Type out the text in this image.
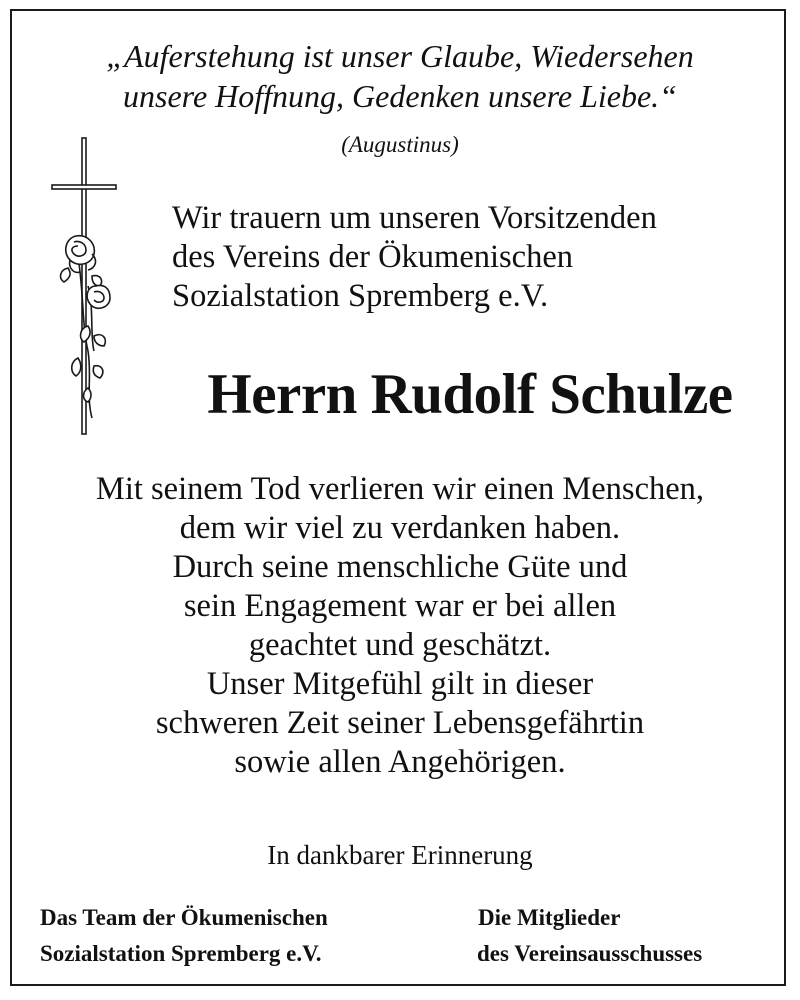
„Auferstehung ist unser Glaube, Wiedersehen
unsere Hoffnung, Gedenken unsere Liebe.“
(Augustinus)
Wir trauern um unseren Vorsitzenden
des Vereins der Ökumenischen
Sozialstation Spremberg e.V.
Herrn Rudolf Schulze
Mit seinem Tod verlieren wir einen Menschen,
dem wir viel zu verdanken haben.
Durch seine menschliche Güte und
sein Engagement war er bei allen
geachtet und geschätzt.
Unser Mitgefühl gilt in dieser
schweren Zeit seiner Lebensgefährtin
sowie allen Angehörigen.
In dankbarer Erinnerung
Das Team der Ökumenischen
Sozialstation Spremberg e.V.
Die Mitglieder
des Vereinsausschusses
